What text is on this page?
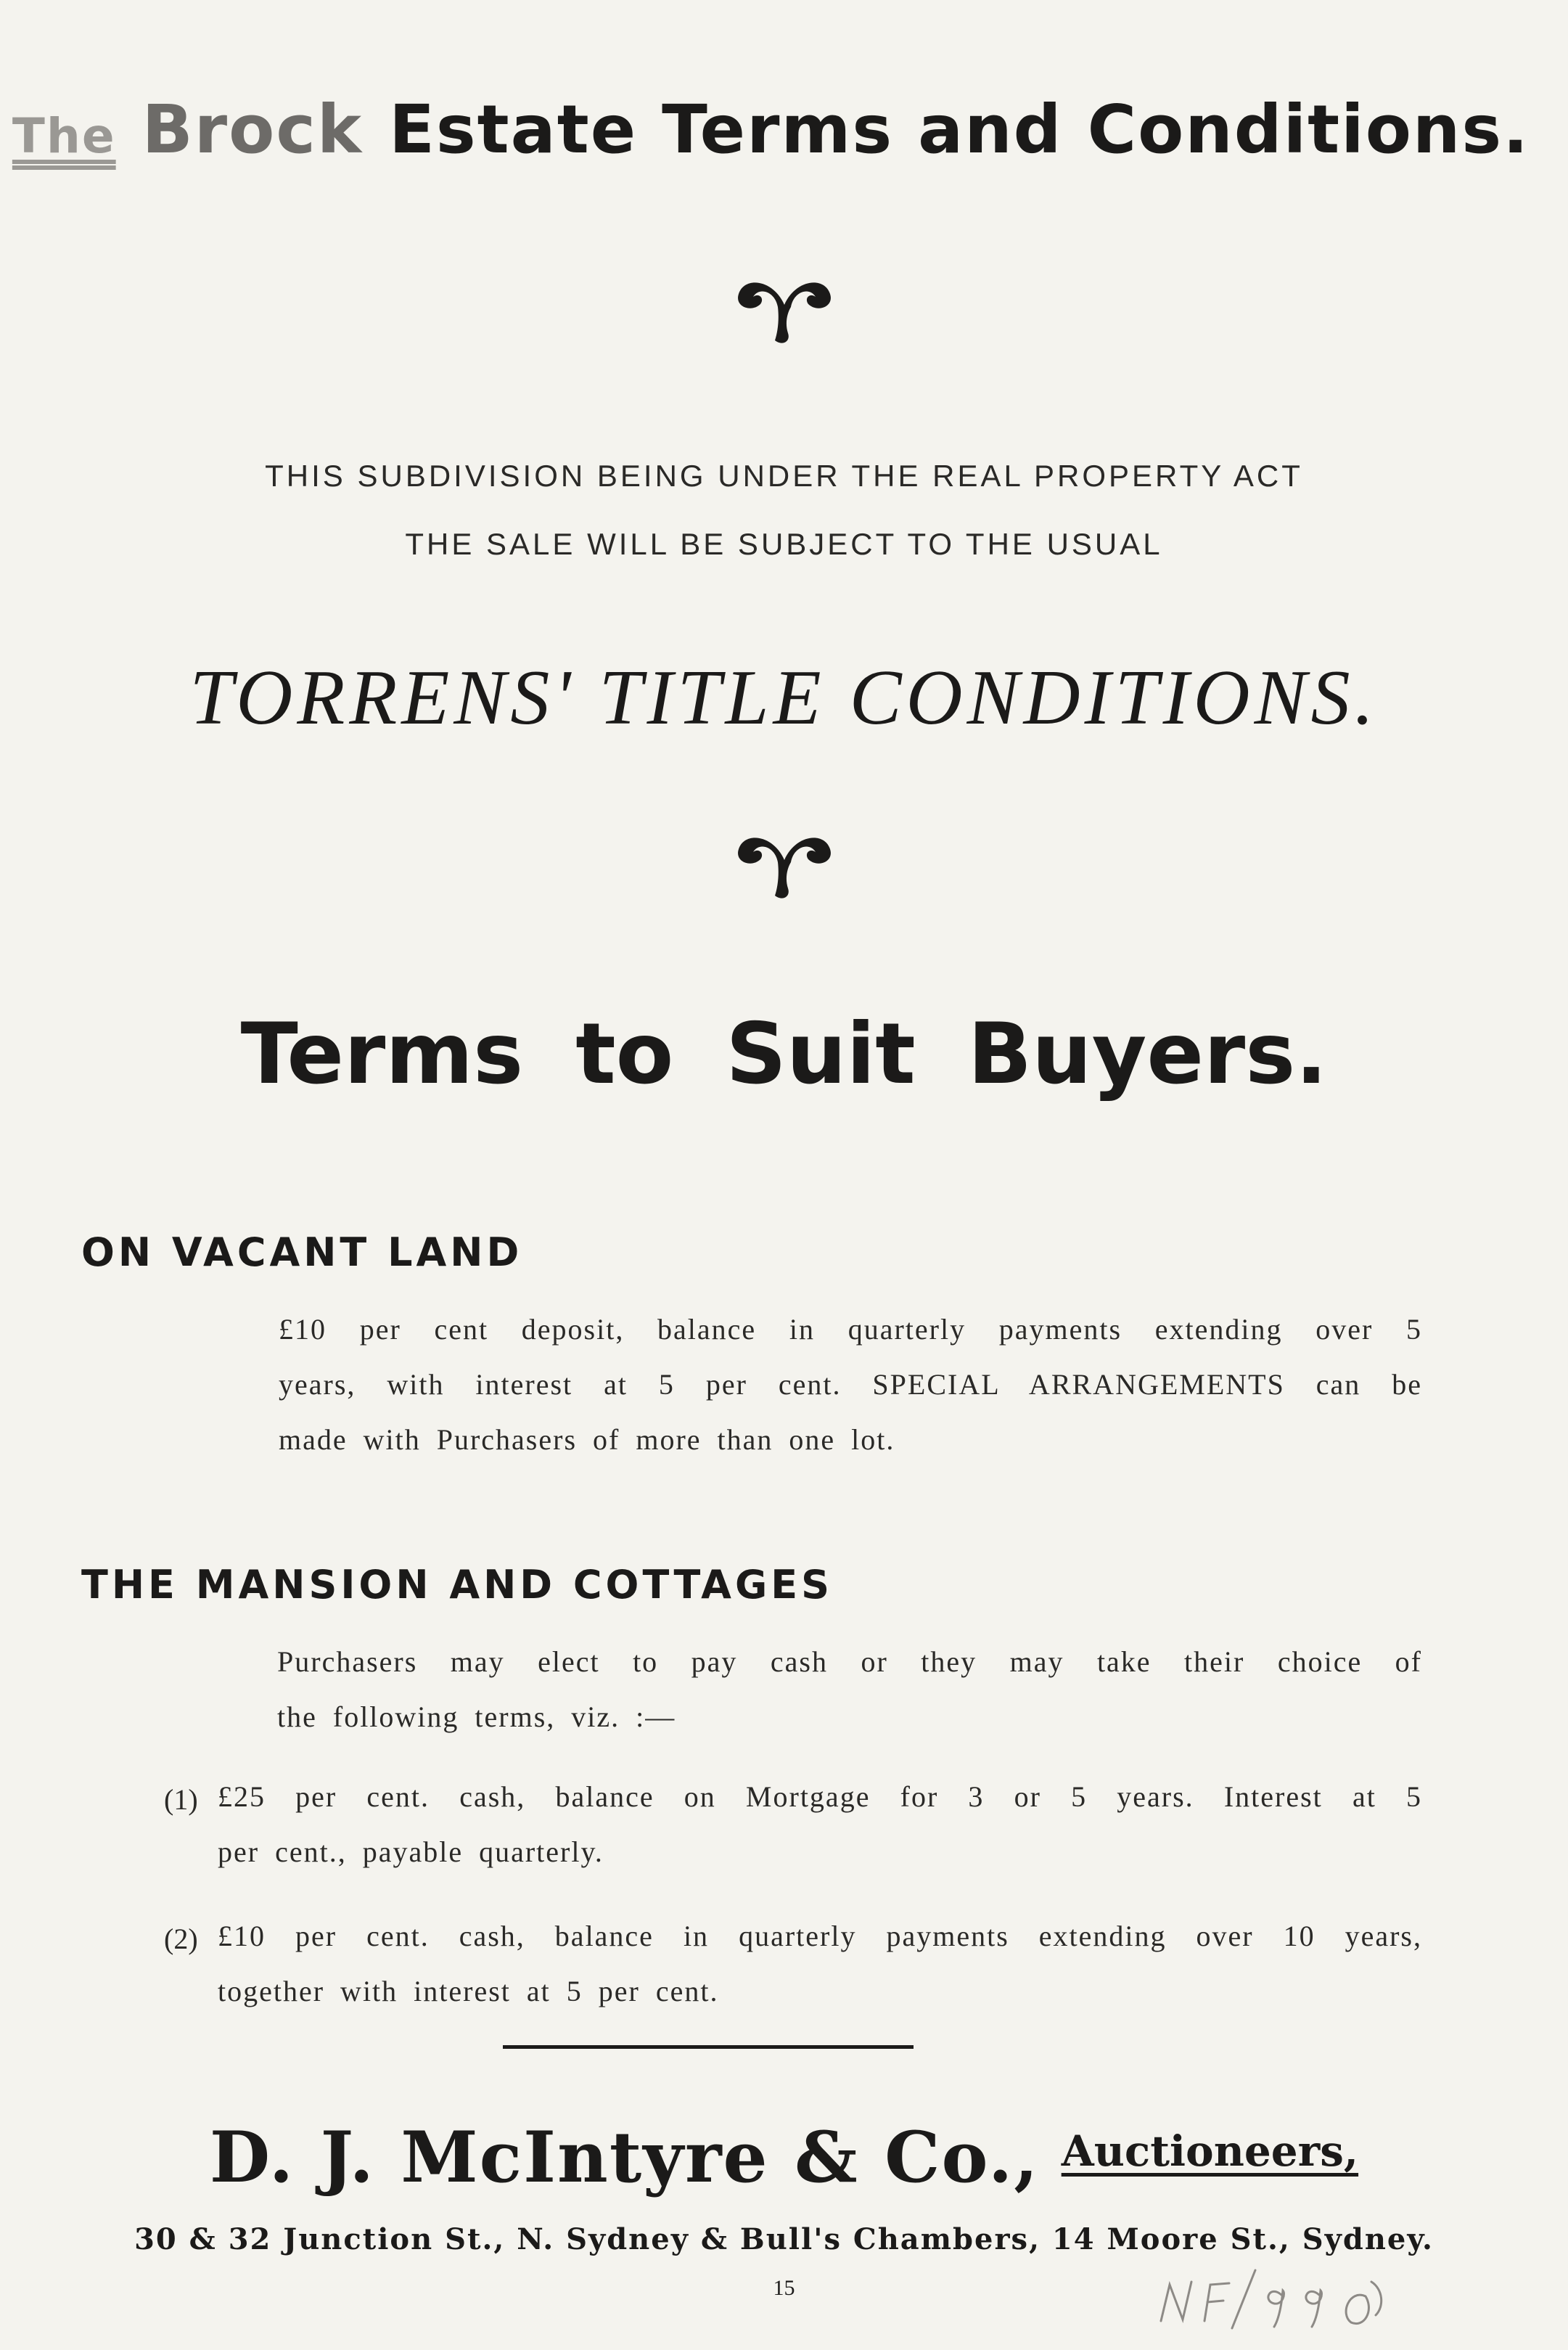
The Brock Estate Terms and Conditions.
THIS SUBDIVISION BEING UNDER THE REAL PROPERTY ACT
THE SALE WILL BE SUBJECT TO THE USUAL
TORRENS' TITLE CONDITIONS.
Terms to Suit Buyers.
ON VACANT LAND
£10 per cent deposit, balance in quarterly payments extending over 5
years, with interest at 5 per cent. SPECIAL ARRANGEMENTS can be
made with Purchasers of more than one lot.
THE MANSION AND COTTAGES
Purchasers may elect to pay cash or they may take their choice of
the following terms, viz. :—
(1) £25 per cent. cash, balance on Mortgage for 3 or 5 years. Interest at 5
per cent., payable quarterly.
(2) £10 per cent. cash, balance in quarterly payments extending over 10 years,
together with interest at 5 per cent.
D. J. McIntyre & Co., Auctioneers,
30 & 32 Junction St., N. Sydney & Bull's Chambers, 14 Moore St., Sydney.
15
